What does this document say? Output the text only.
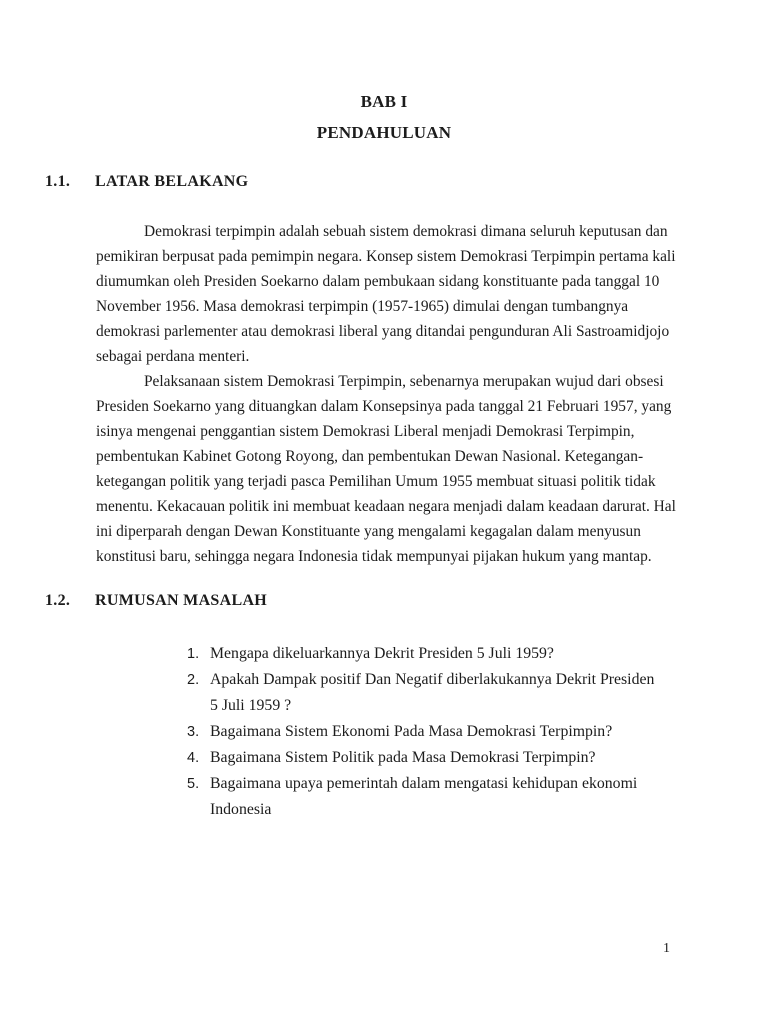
BAB I
PENDAHULUAN
1.1.	LATAR BELAKANG

Demokrasi terpimpin adalah sebuah sistem demokrasi dimana seluruh keputusan dan pemikiran berpusat pada pemimpin negara. Konsep sistem Demokrasi Terpimpin pertama kali diumumkan oleh Presiden Soekarno dalam pembukaan sidang konstituante pada tanggal 10 November 1956. Masa demokrasi terpimpin (1957-1965) dimulai dengan tumbangnya demokrasi parlementer atau demokrasi liberal yang ditandai pengunduran Ali Sastroamidjojo sebagai perdana menteri.

Pelaksanaan sistem Demokrasi Terpimpin, sebenarnya merupakan wujud dari obsesi Presiden Soekarno yang dituangkan dalam Konsepsinya pada tanggal 21 Februari 1957, yang isinya mengenai penggantian sistem Demokrasi Liberal menjadi Demokrasi Terpimpin, pembentukan Kabinet Gotong Royong, dan pembentukan Dewan Nasional. Ketegangan-ketegangan politik yang terjadi pasca Pemilihan Umum 1955 membuat situasi politik tidak menentu. Kekacauan politik ini membuat keadaan negara menjadi dalam keadaan darurat. Hal ini diperparah dengan Dewan Konstituante yang mengalami kegagalan dalam menyusun konstitusi baru, sehingga negara Indonesia tidak mempunyai pijakan hukum yang mantap.

1.2.	RUMUSAN MASALAH
1. Mengapa dikeluarkannya Dekrit Presiden 5 Juli 1959?
2. Apakah Dampak positif Dan Negatif diberlakukannya Dekrit Presiden 5 Juli 1959 ?
3. Bagaimana Sistem Ekonomi Pada Masa Demokrasi Terpimpin?
4. Bagaimana Sistem Politik pada Masa Demokrasi Terpimpin?
5. Bagaimana upaya pemerintah dalam mengatasi kehidupan ekonomi Indonesia
1
